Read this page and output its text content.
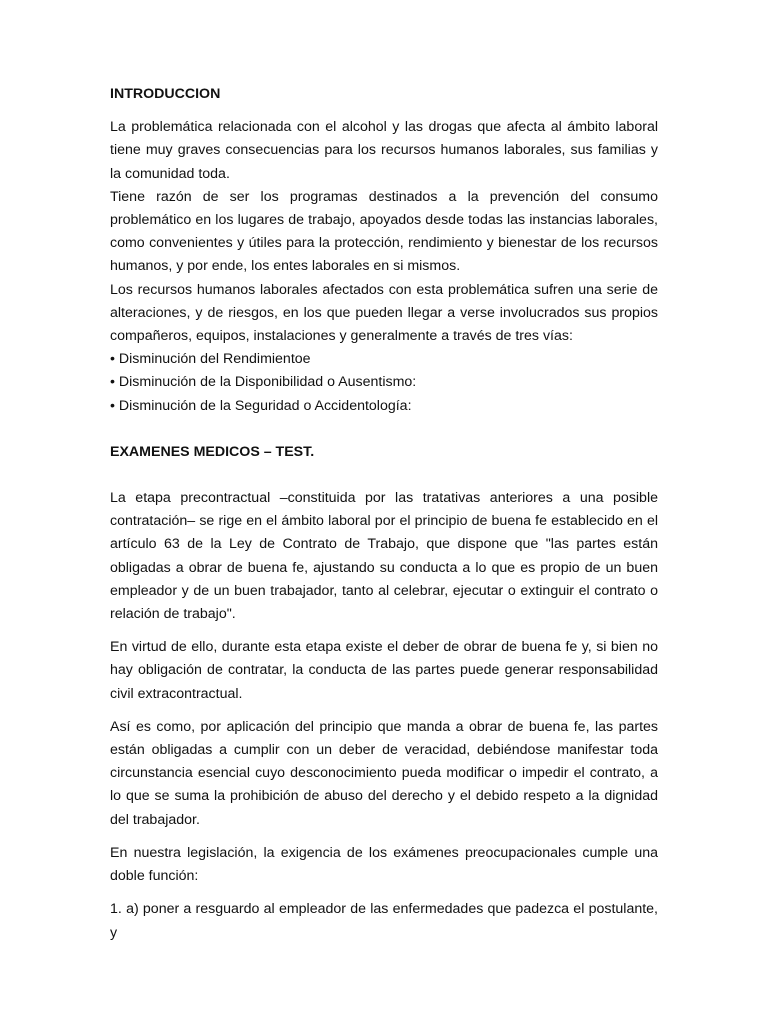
INTRODUCCION

La problemática relacionada con el alcohol y las drogas que afecta al ámbito laboral tiene muy graves consecuencias para los recursos humanos laborales, sus familias y la comunidad toda.

Tiene razón de ser los programas destinados a la prevención del consumo problemático en los lugares de trabajo, apoyados desde todas las instancias laborales, como convenientes y útiles para la protección, rendimiento y bienestar de los recursos humanos, y por ende, los entes laborales en si mismos.

Los recursos humanos laborales afectados con esta problemática sufren una serie de alteraciones, y de riesgos, en los que pueden llegar a verse involucrados sus propios compañeros, equipos, instalaciones y generalmente a través de tres vías:

• Disminución del Rendimientoe
• Disminución de la Disponibilidad o Ausentismo:
• Disminución de la Seguridad o Accidentología:
EXAMENES MEDICOS – TEST.

La etapa precontractual –constituida por las tratativas anteriores a una posible contratación– se rige en el ámbito laboral por el principio de buena fe establecido en el artículo 63 de la Ley de Contrato de Trabajo, que dispone que "las partes están obligadas a obrar de buena fe, ajustando su conducta a lo que es propio de un buen empleador y de un buen trabajador, tanto al celebrar, ejecutar o extinguir el contrato o relación de trabajo".

En virtud de ello, durante esta etapa existe el deber de obrar de buena fe y, si bien no hay obligación de contratar, la conducta de las partes puede generar responsabilidad civil extracontractual.

Así es como, por aplicación del principio que manda a obrar de buena fe, las partes están obligadas a cumplir con un deber de veracidad, debiéndose manifestar toda circunstancia esencial cuyo desconocimiento pueda modificar o impedir el contrato, a lo que se suma la prohibición de abuso del derecho y el debido respeto a la dignidad del trabajador.

En nuestra legislación, la exigencia de los exámenes preocupacionales cumple una doble función:

1. a) poner a resguardo al empleador de las enfermedades que padezca el postulante, y
